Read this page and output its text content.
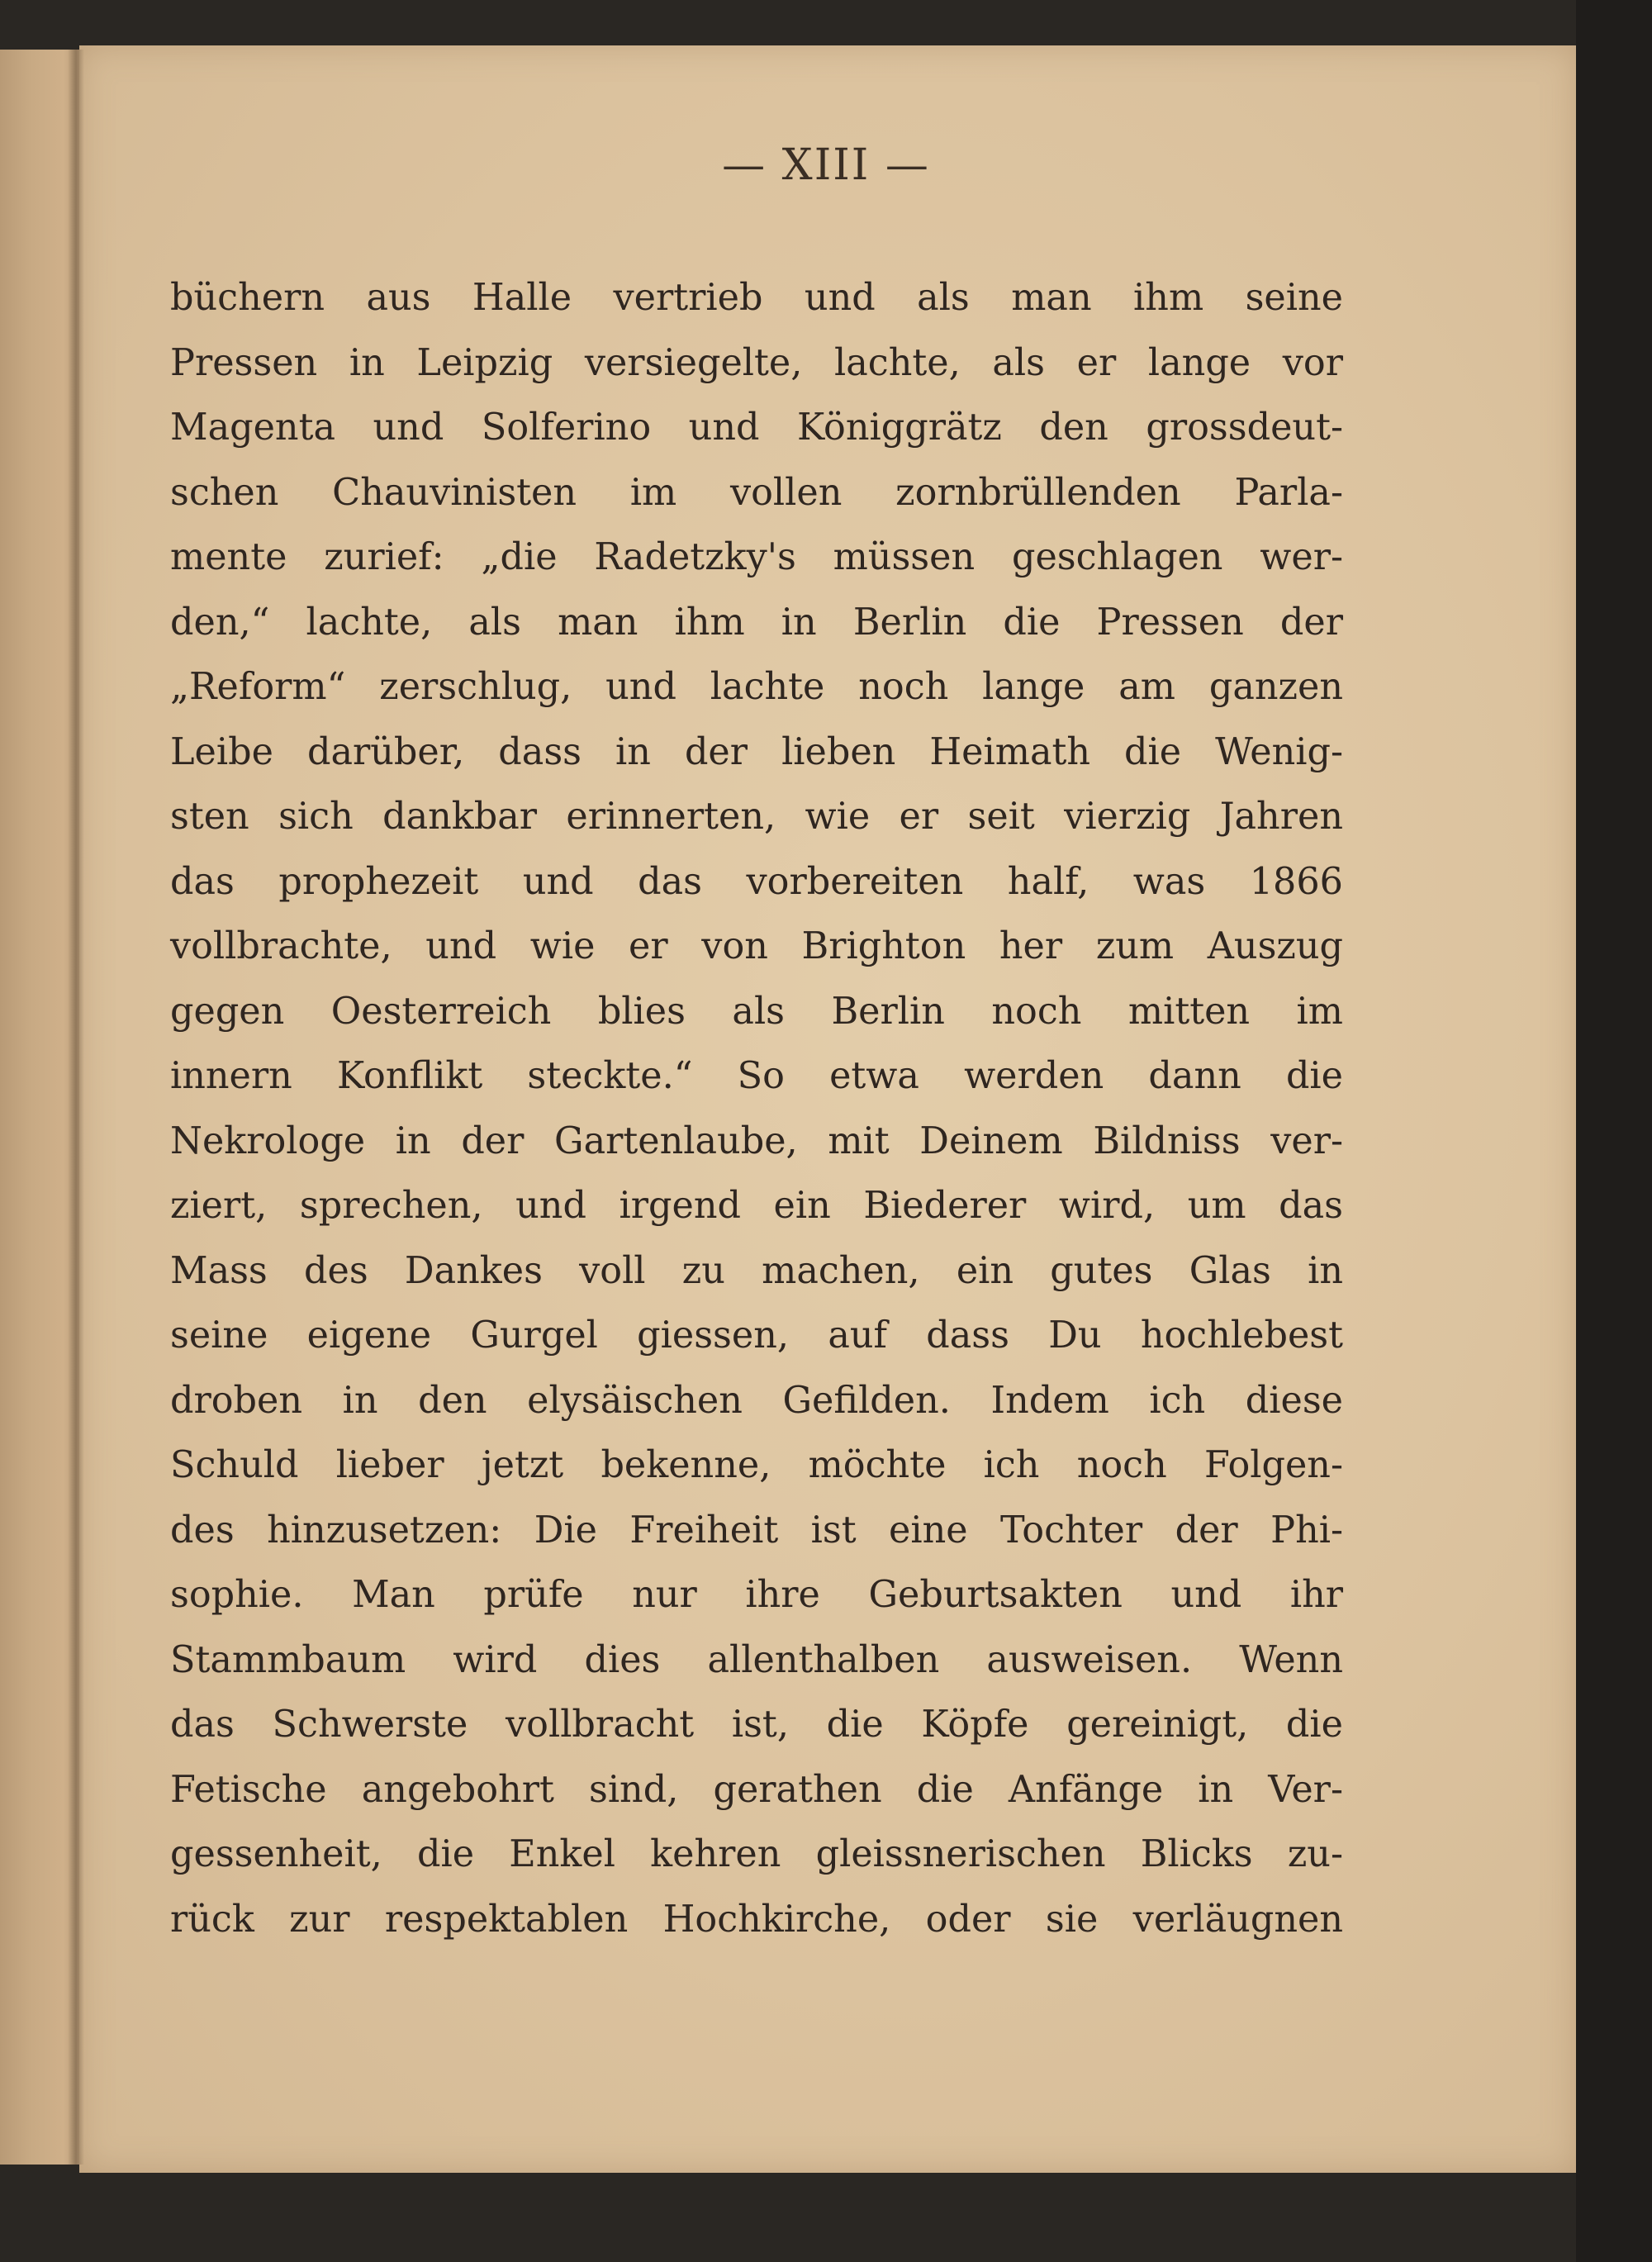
— XIII —
büchern aus Halle vertrieb und als man ihm seine
Pressen in Leipzig versiegelte, lachte, als er lange vor
Magenta und Solferino und Königgrätz den grossdeut-
schen Chauvinisten im vollen zornbrüllenden Parla-
mente zurief: „die Radetzky's müssen geschlagen wer-
den,“ lachte, als man ihm in Berlin die Pressen der
„Reform“ zerschlug, und lachte noch lange am ganzen
Leibe darüber, dass in der lieben Heimath die Wenig-
sten sich dankbar erinnerten, wie er seit vierzig Jahren
das prophezeit und das vorbereiten half, was 1866
vollbrachte, und wie er von Brighton her zum Auszug
gegen Oesterreich blies als Berlin noch mitten im
innern Konflikt steckte.“ So etwa werden dann die
Nekrologe in der Gartenlaube, mit Deinem Bildniss ver-
ziert, sprechen, und irgend ein Biederer wird, um das
Mass des Dankes voll zu machen, ein gutes Glas in
seine eigene Gurgel giessen, auf dass Du hochlebest
droben in den elysäischen Gefilden. Indem ich diese
Schuld lieber jetzt bekenne, möchte ich noch Folgen-
des hinzusetzen: Die Freiheit ist eine Tochter der Phi-
sophie. Man prüfe nur ihre Geburtsakten und ihr
Stammbaum wird dies allenthalben ausweisen. Wenn
das Schwerste vollbracht ist, die Köpfe gereinigt, die
Fetische angebohrt sind, gerathen die Anfänge in Ver-
gessenheit, die Enkel kehren gleissnerischen Blicks zu-
rück zur respektablen Hochkirche, oder sie verläugnen
